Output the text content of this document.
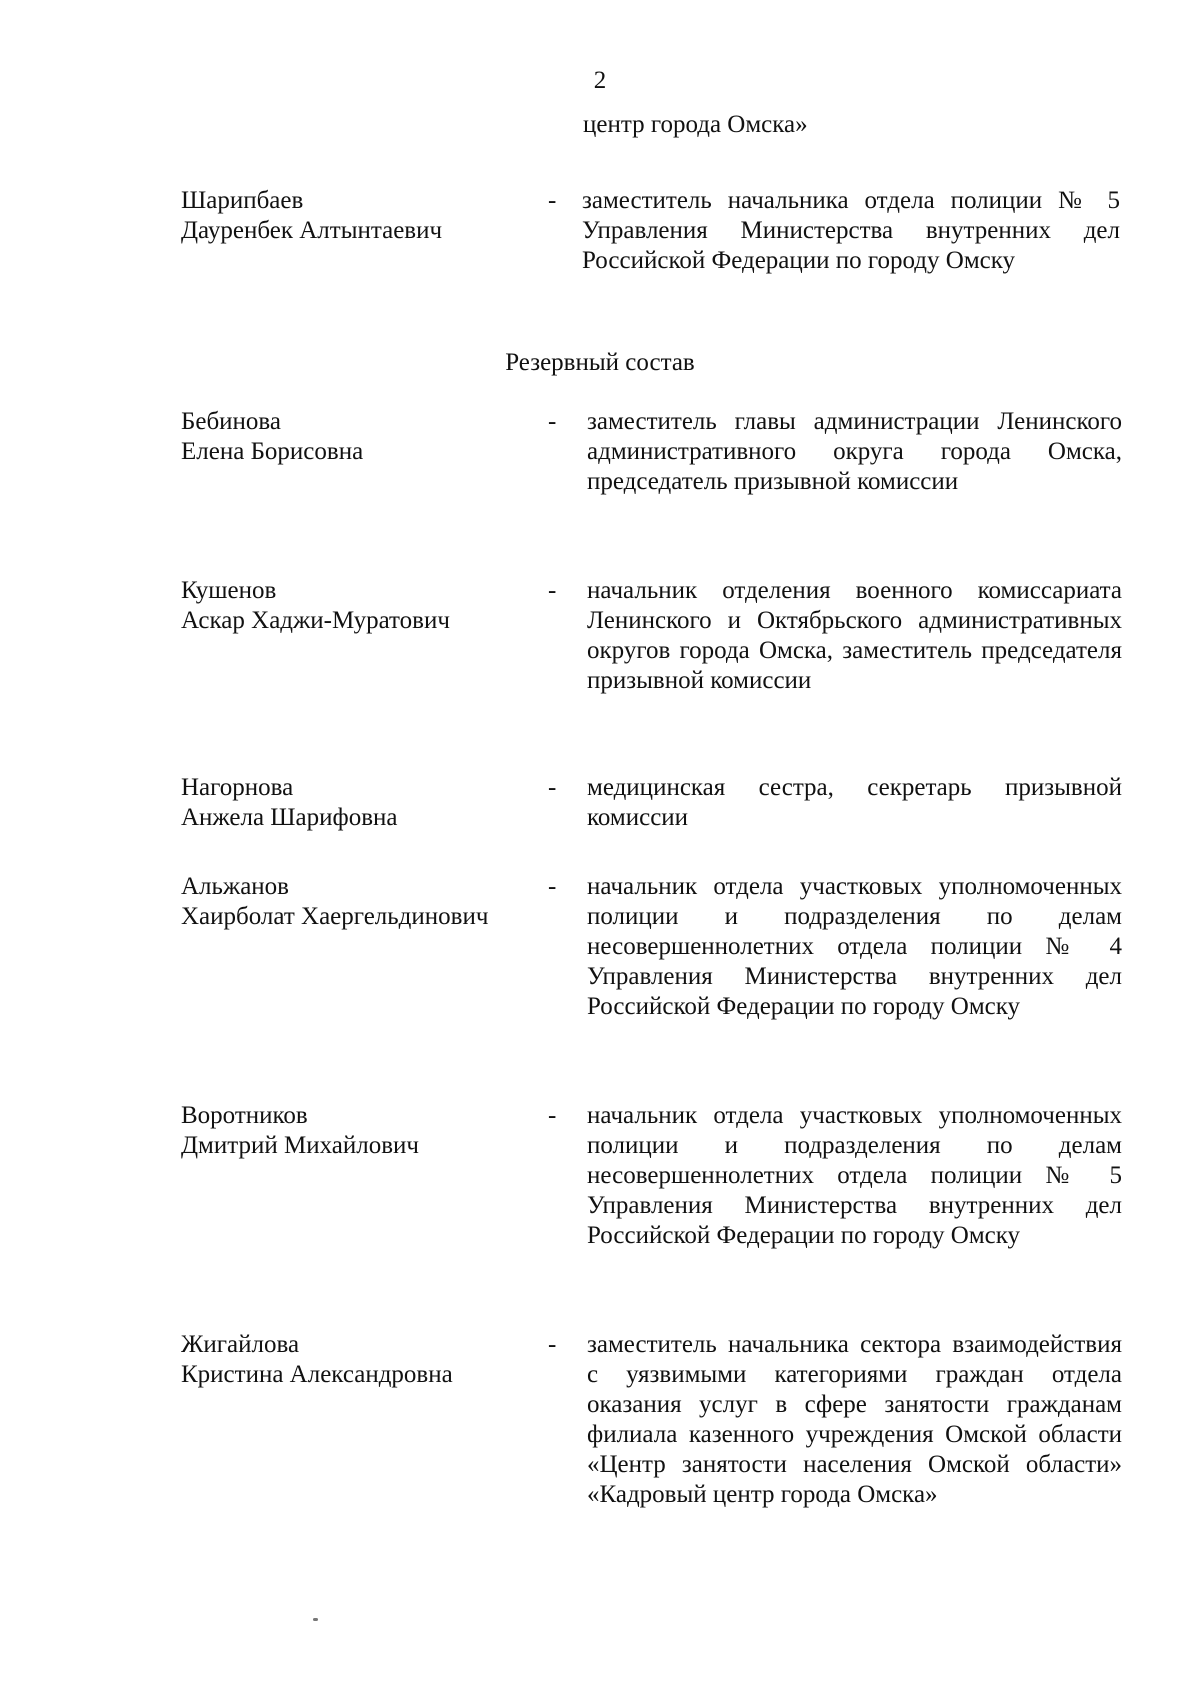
2
центр города Омска»
Шарипбаев
Дауренбек Алтынтаевич
- заместитель начальника отдела полиции № 5 Управления Министерства внутренних дел Российской Федерации по городу Омску
Резервный состав
Бебинова
Елена Борисовна
- заместитель главы администрации Ленинского административного округа города Омска, председатель призывной комиссии
Кушенов
Аскар Хаджи-Муратович
- начальник отделения военного комиссариата Ленинского и Октябрьского административных округов города Омска, заместитель председателя призывной комиссии
Нагорнова
Анжела Шарифовна
- медицинская сестра, секретарь призывной комиссии
Альжанов
Хаирболат Хаергельдинович
- начальник отдела участковых уполномоченных полиции и подразделения по делам несовершеннолетних отдела полиции № 4 Управления Министерства внутренних дел Российской Федерации по городу Омску
Воротников
Дмитрий Михайлович
- начальник отдела участковых уполномоченных полиции и подразделения по делам несовершеннолетних отдела полиции № 5 Управления Министерства внутренних дел Российской Федерации по городу Омску
Жигайлова
Кристина Александровна
- заместитель начальника сектора взаимодействия с уязвимыми категориями граждан отдела оказания услуг в сфере занятости гражданам филиала казенного учреждения Омской области «Центр занятости населения Омской области» «Кадровый центр города Омска»
